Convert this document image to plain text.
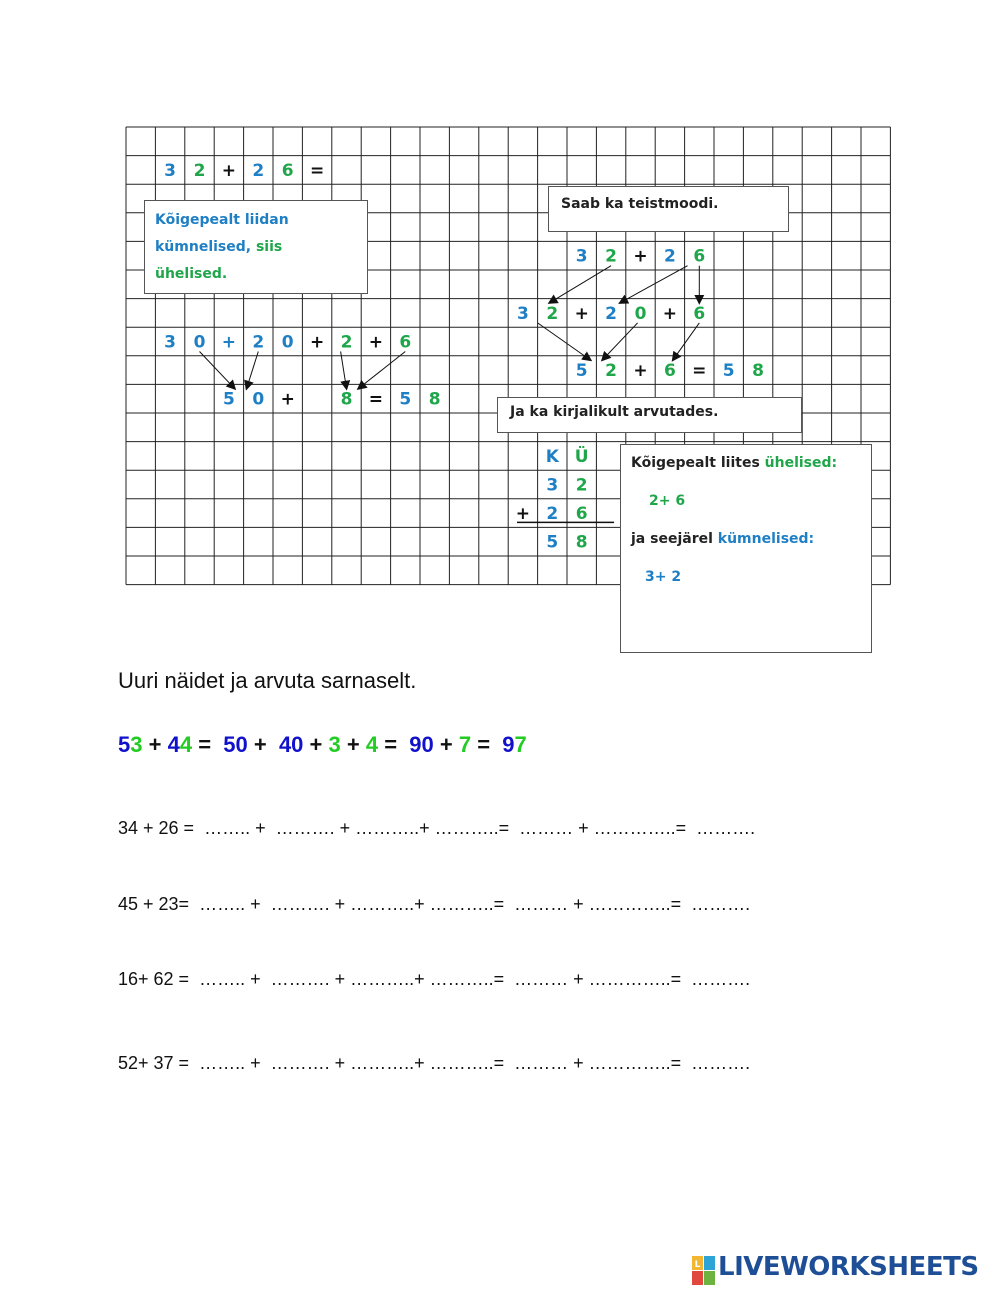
3 2 + 2 6 =
3 0 + 2 0 + 2 + 6
5 0 +	8 = 5 8
3 2 + 2 6
3 2 + 2 0 + 6
5 2 + 6 = 5 8
K Ü
3 2
+ 2 6
5 8
Kõigepealt liidan
kümnelised, siis
ühelised.
Saab ka teistmoodi.
Ja ka kirjalikult arvutades.
Kõigepealt liites ühelised:
2+ 6
ja seejärel kümnelised:
3+ 2
Uuri näidet ja arvuta sarnaselt.
53 + 44 =  50 +  40 + 3 + 4 =  90 + 7 =  97
34 + 26 =  …….. +  ………. + ………..+ ………..=  ……… + …………..=  ……….
45 + 23=  …….. +  ………. + ………..+ ………..=  ……… + …………..=  ……….
16+ 62 =  …….. +  ………. + ………..+ ………..=  ……… + …………..=  ……….
52+ 37 =  …….. +  ………. + ………..+ ………..=  ……… + …………..=  ……….
L LIVEWORKSHEETS
